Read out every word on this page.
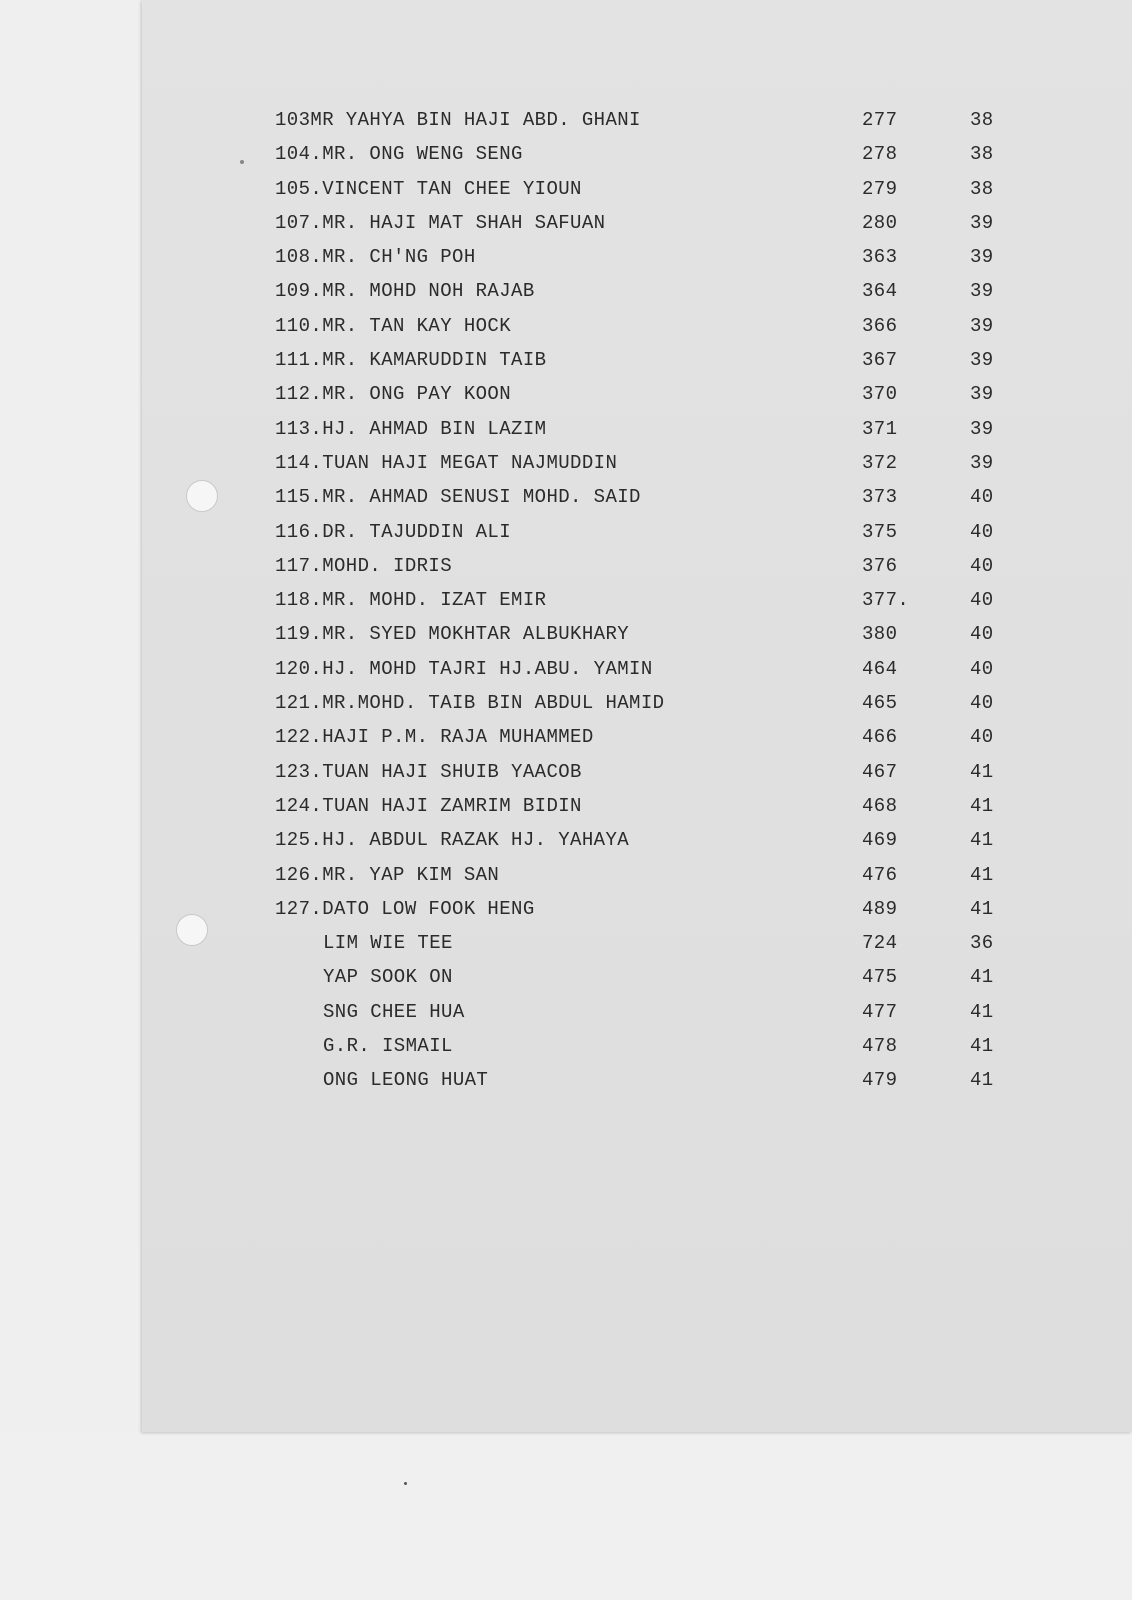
103MR YAHYA BIN HAJI ABD. GHANI	277	38
104.MR. ONG WENG SENG	278	38
105.VINCENT TAN CHEE YIOUN	279	38
107.MR. HAJI MAT SHAH SAFUAN	280	39
108.MR. CH'NG POH	363	39
109.MR. MOHD NOH RAJAB	364	39
110.MR. TAN KAY HOCK	366	39
111.MR. KAMARUDDIN TAIB	367	39
112.MR. ONG PAY KOON	370	39
113.HJ. AHMAD BIN LAZIM	371	39
114.TUAN HAJI MEGAT NAJMUDDIN	372	39
115.MR. AHMAD SENUSI MOHD. SAID	373	40
116.DR. TAJUDDIN ALI	375	40
117.MOHD. IDRIS	376	40
118.MR. MOHD. IZAT EMIR	377.	40
119.MR. SYED MOKHTAR ALBUKHARY	380	40
120.HJ. MOHD TAJRI HJ.ABU. YAMIN	464	40
121.MR.MOHD. TAIB BIN ABDUL HAMID	465	40
122.HAJI P.M. RAJA MUHAMMED	466	40
123.TUAN HAJI SHUIB YAACOB	467	41
124.TUAN HAJI ZAMRIM BIDIN	468	41
125.HJ. ABDUL RAZAK HJ. YAHAYA	469	41
126.MR. YAP KIM SAN	476	41
127.DATO LOW FOOK HENG	489	41
LIM WIE TEE	724	36
YAP SOOK ON	475	41
SNG CHEE HUA	477	41
G.R. ISMAIL	478	41
ONG LEONG HUAT	479	41
